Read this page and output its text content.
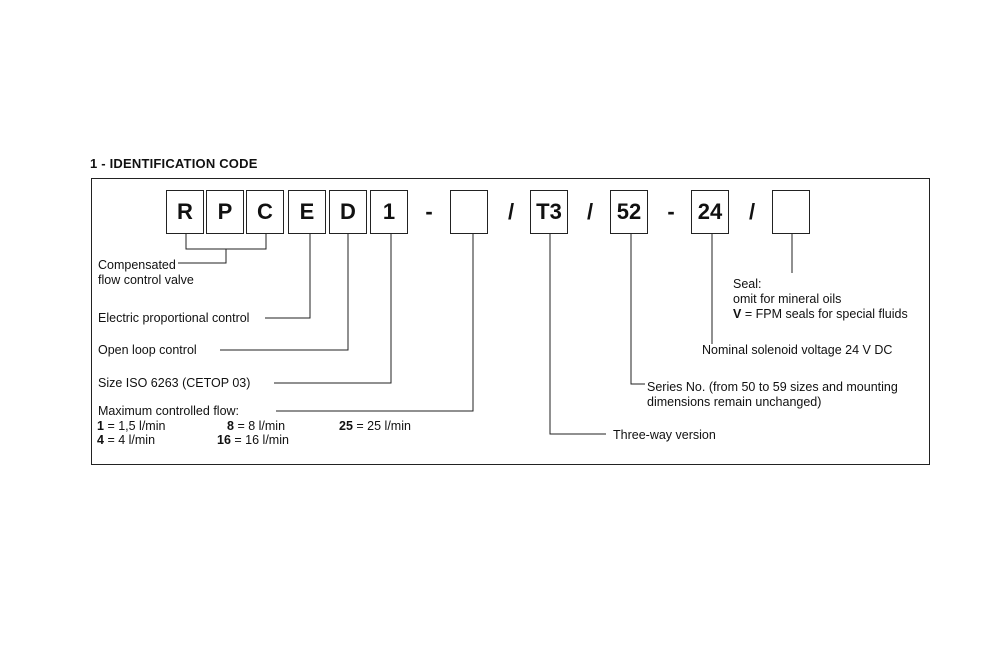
1 - IDENTIFICATION CODE
R	P	C	E	D	1	-	/	T3	/	52	-	24	/
Compensated
flow control valve
Electric proportional control
Open loop control
Size ISO 6263 (CETOP 03)
Maximum controlled flow:
1 = 1,5 l/min
4 = 4 l/min
8 = 8 l/min
16 = 16 l/min
25 = 25 l/min
Three-way version
Series No. (from 50 to 59 sizes and mounting
dimensions remain unchanged)
Nominal solenoid voltage 24 V DC
Seal:
omit for mineral oils
V = FPM seals for special fluids
